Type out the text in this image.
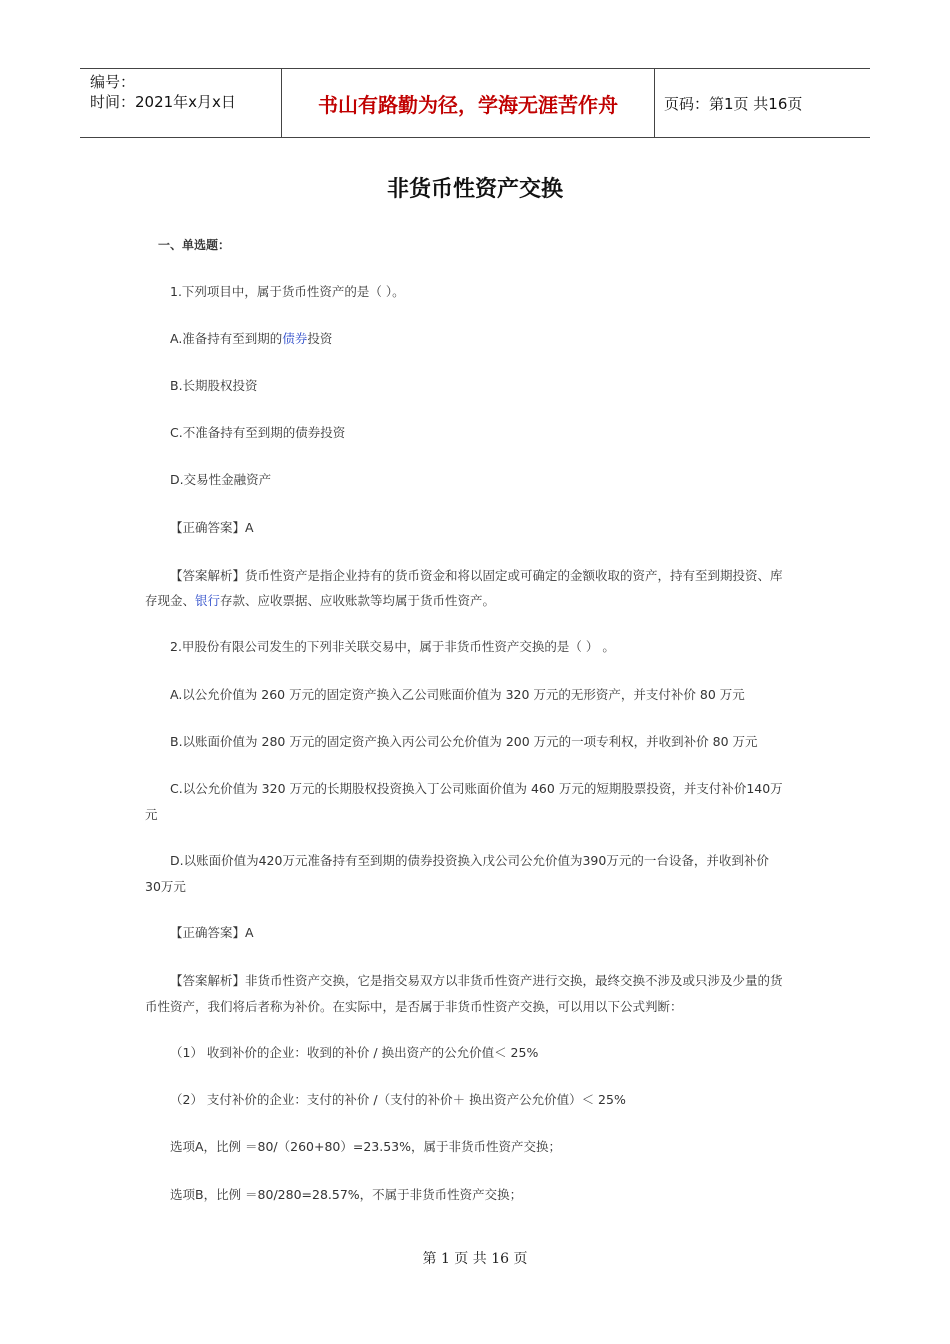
编号：
时间：2021年x月x日	书山有路勤为径，学海无涯苦作舟	页码：第1页 共16页
非货币性资产交换
一、单选题：
1.下列项目中，属于货币性资产的是（ ）。
A.准备持有至到期的债券投资
B.长期股权投资
C.不准备持有至到期的债券投资
D.交易性金融资产
【正确答案】A
【答案解析】货币性资产是指企业持有的货币资金和将以固定或可确定的金额收取的资产，持有至到期投资、库
存现金、银行存款、应收票据、应收账款等均属于货币性资产。
2.甲股份有限公司发生的下列非关联交易中，属于非货币性资产交换的是（ ） 。
A.以公允价值为 260 万元的固定资产换入乙公司账面价值为 320 万元的无形资产，并支付补价 80 万元
B.以账面价值为 280 万元的固定资产换入丙公司公允价值为 200 万元的一项专利权，并收到补价 80 万元
C.以公允价值为 320 万元的长期股权投资换入丁公司账面价值为 460 万元的短期股票投资，并支付补价140万
元
D.以账面价值为420万元准备持有至到期的债券投资换入戊公司公允价值为390万元的一台设备，并收到补价
30万元
【正确答案】A
【答案解析】非货币性资产交换，它是指交易双方以非货币性资产进行交换，最终交换不涉及或只涉及少量的货
币性资产，我们将后者称为补价。在实际中，是否属于非货币性资产交换，可以用以下公式判断：
（1） 收到补价的企业：收到的补价 / 换出资产的公允价值＜ 25%
（2） 支付补价的企业：支付的补价 /（支付的补价＋ 换出资产公允价值）＜ 25%
选项A，比例 ＝80/（260+80）=23.53%，属于非货币性资产交换；
选项B，比例 ＝80/280=28.57%，不属于非货币性资产交换；
第 1 页 共 16 页
